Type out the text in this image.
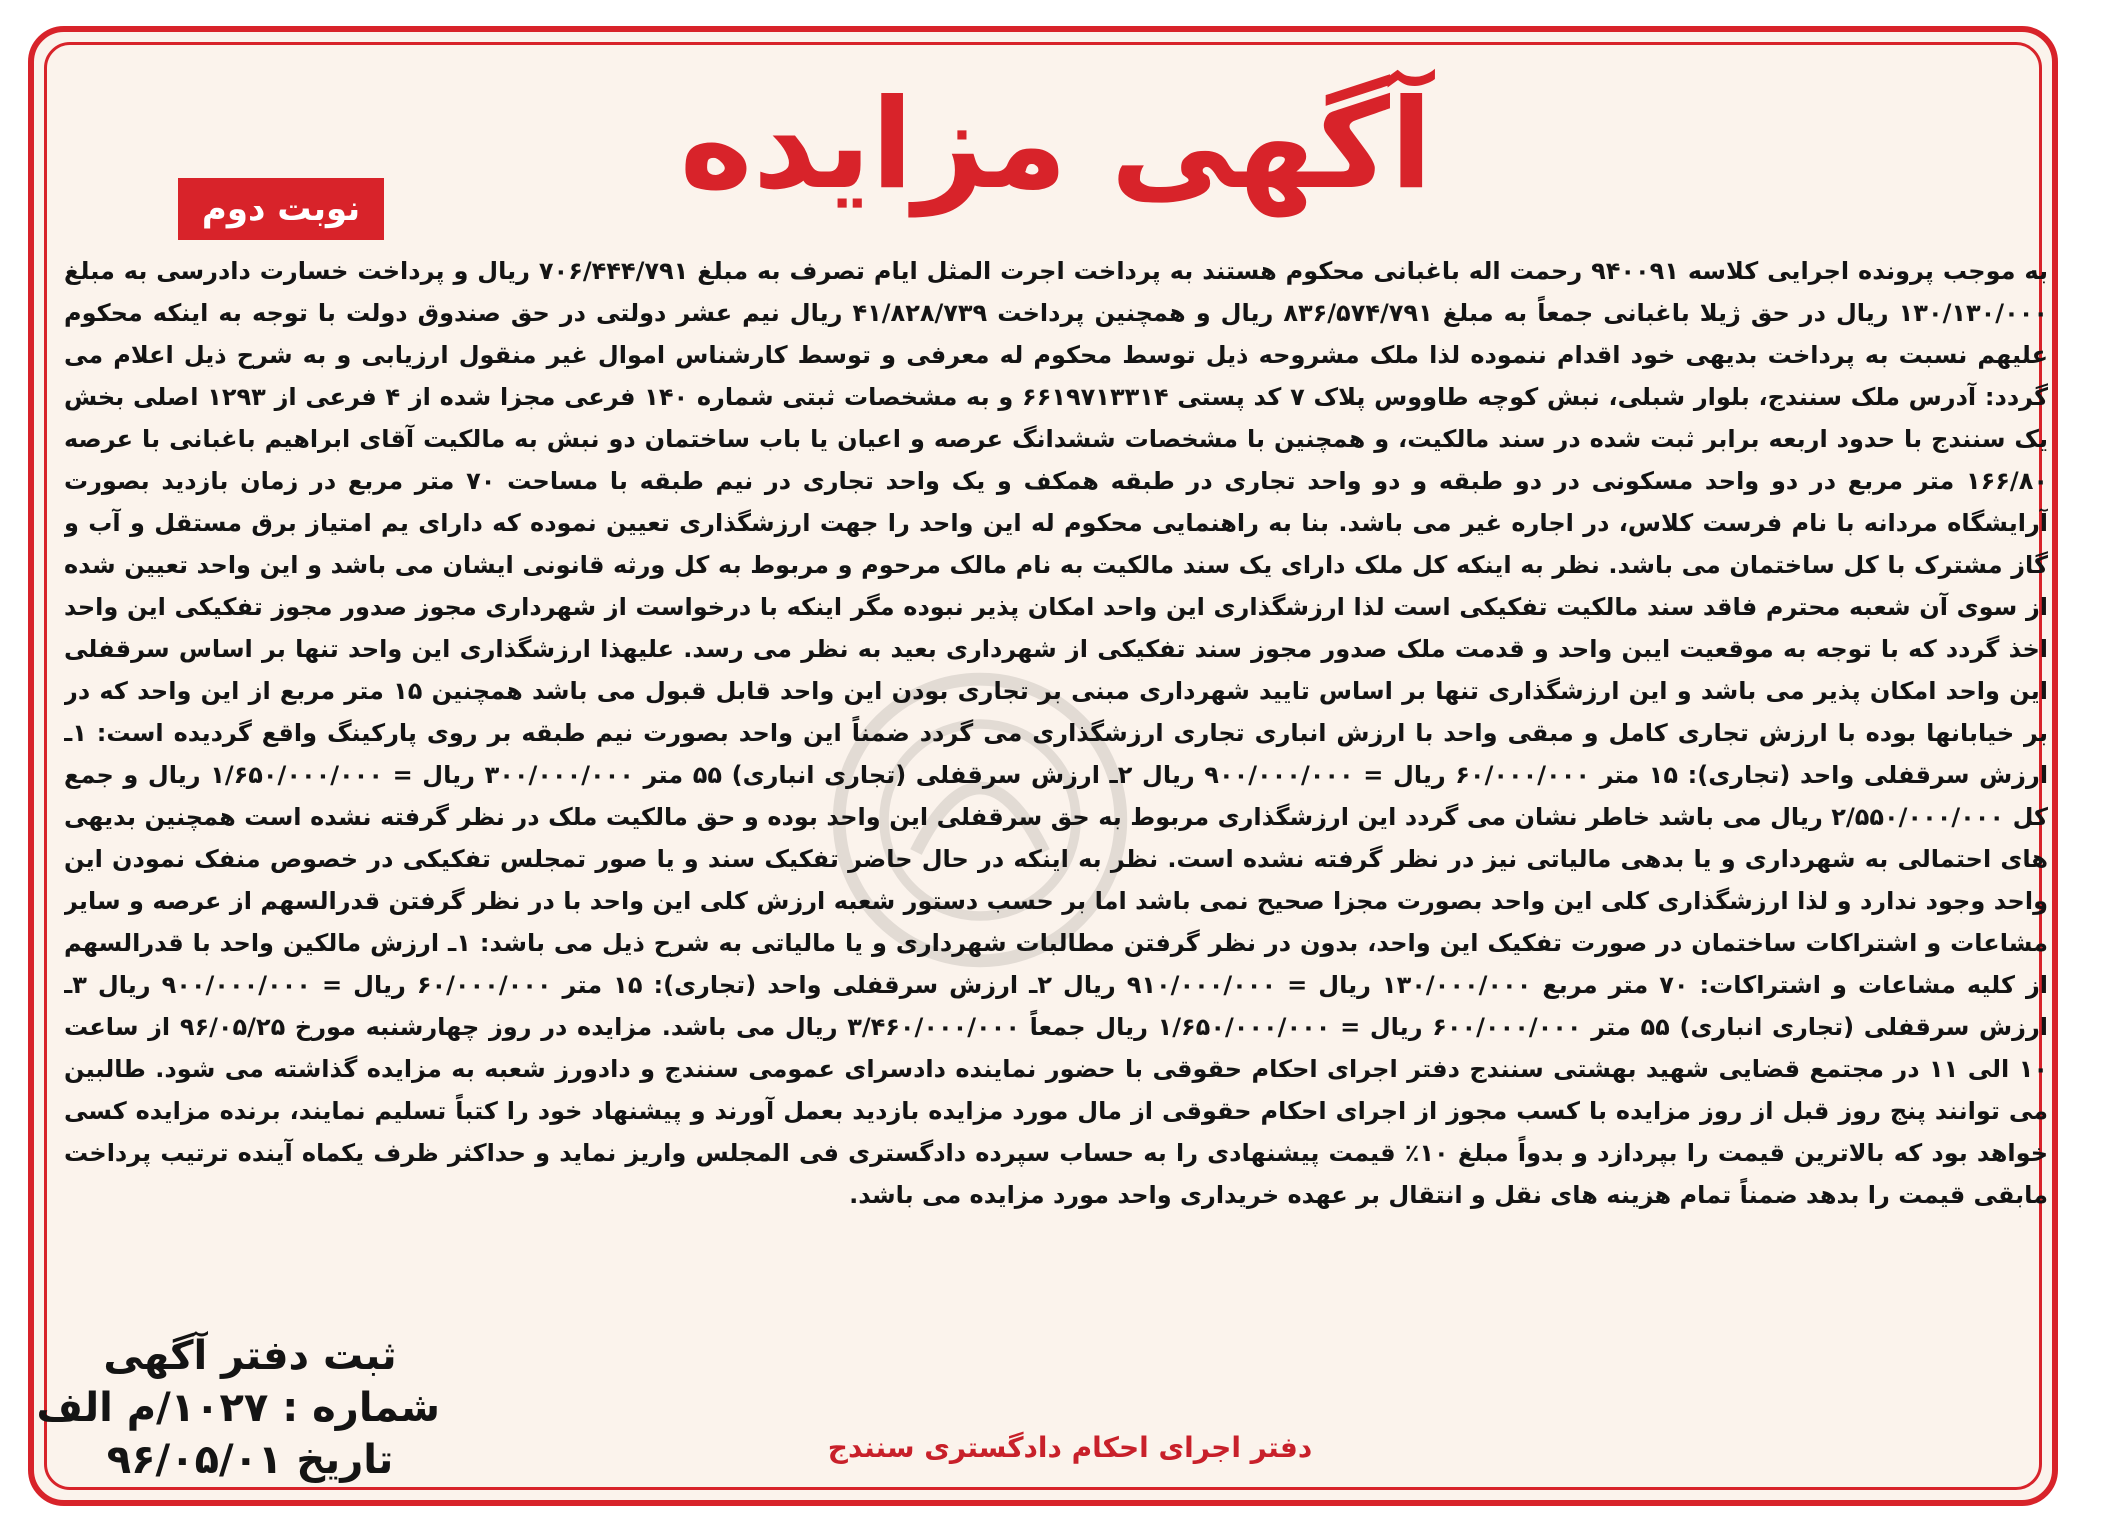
آگهی مزایده
نوبت دوم

به موجب پرونده اجرایی کلاسه ۹۴۰۰۹۱ رحمت اله باغبانی محکوم هستند به پرداخت اجرت المثل ایام تصرف به مبلغ ۷۰۶/۴۴۴/۷۹۱ ریال و پرداخت خسارت دادرسی به مبلغ ۱۳۰/۱۳۰/۰۰۰ ریال در حق ژیلا باغبانی جمعاً به مبلغ ۸۳۶/۵۷۴/۷۹۱ ریال و همچنین پرداخت ۴۱/۸۲۸/۷۳۹ ریال نیم عشر دولتی در حق صندوق دولت با توجه به اینکه محکوم علیهم نسبت به پرداخت بدیهی خود اقدام ننموده لذا ملک مشروحه ذیل توسط محکوم له معرفی و توسط کارشناس اموال غیر منقول ارزیابی و به شرح ذیل اعلام می گردد: آدرس ملک سنندج، بلوار شبلی، نبش کوچه طاووس پلاک ۷ کد پستی ۶۶۱۹۷۱۳۳۱۴ و به مشخصات ثبتی شماره ۱۴۰ فرعی مجزا شده از ۴ فرعی از ۱۲۹۳ اصلی بخش یک سنندج با حدود اربعه برابر ثبت شده در سند مالکیت، و همچنین با مشخصات ششدانگ عرصه و اعیان یا باب ساختمان دو نبش به مالکیت آقای ابراهیم باغبانی با عرصه ۱۶۶/۸۰ متر مربع در دو واحد مسکونی در دو طبقه و دو واحد تجاری در طبقه همکف و یک واحد تجاری در نیم طبقه با مساحت ۷۰ متر مربع در زمان بازدید بصورت آرایشگاه مردانه با نام فرست کلاس، در اجاره غیر می باشد. بنا به راهنمایی محکوم له این واحد را جهت ارزشگذاری تعیین نموده که دارای یم امتیاز برق مستقل و آب و گاز مشترک با کل ساختمان می باشد. نظر به اینکه کل ملک دارای یک سند مالکیت به نام مالک مرحوم و مربوط به کل ورثه قانونی ایشان می باشد و این واحد تعیین شده از سوی آن شعبه محترم فاقد سند مالکیت تفکیکی است لذا ارزشگذاری این واحد امکان پذیر نبوده مگر اینکه با درخواست از شهرداری مجوز صدور مجوز تفکیکی این واحد اخذ گردد که با توجه به موقعیت ایبن واحد و قدمت ملک صدور مجوز سند تفکیکی از شهرداری بعید به نظر می رسد. علیهذا ارزشگذاری این واحد تنها بر اساس سرقفلی این واحد امکان پذیر می باشد و این ارزشگذاری تنها بر اساس تایید شهرداری مبنی بر تجاری بودن این واحد قابل قبول می باشد همچنین ۱۵ متر مربع از این واحد که در بر خیابانها بوده با ارزش تجاری کامل و مبقی واحد با ارزش انباری تجاری ارزشگذاری می گردد ضمناً این واحد بصورت نیم طبقه بر روی پارکینگ واقع گردیده است: ۱ـ ارزش سرقفلی واحد (تجاری): ۱۵ متر ۶۰/۰۰۰/۰۰۰ ریال = ۹۰۰/۰۰۰/۰۰۰ ریال ۲ـ ارزش سرقفلی (تجاری انباری) ۵۵ متر ۳۰۰/۰۰۰/۰۰۰ ریال = ۱/۶۵۰/۰۰۰/۰۰۰ ریال و جمع کل ۲/۵۵۰/۰۰۰/۰۰۰ ریال می باشد خاطر نشان می گردد این ارزشگذاری مربوط به حق سرقفلی این واحد بوده و حق مالکیت ملک در نظر گرفته نشده است همچنین بدیهی های احتمالی به شهرداری و یا بدهی مالیاتی نیز در نظر گرفته نشده است. نظر به اینکه در حال حاضر تفکیک سند و یا صور تمجلس تفکیکی در خصوص منفک نمودن این واحد وجود ندارد و لذا ارزشگذاری کلی این واحد بصورت مجزا صحیح نمی باشد اما بر حسب دستور شعبه ارزش کلی این واحد با در نظر گرفتن قدرالسهم از عرصه و سایر مشاعات و اشتراکات ساختمان در صورت تفکیک این واحد، بدون در نظر گرفتن مطالبات شهرداری و یا مالیاتی به شرح ذیل می باشد: ۱ـ ارزش مالکین واحد با قدرالسهم از کلیه مشاعات و اشتراکات: ۷۰ متر مربع ۱۳۰/۰۰۰/۰۰۰ ریال = ۹۱۰/۰۰۰/۰۰۰ ریال ۲ـ ارزش سرقفلی واحد (تجاری): ۱۵ متر ۶۰/۰۰۰/۰۰۰ ریال = ۹۰۰/۰۰۰/۰۰۰ ریال ۳ـ ارزش سرقفلی (تجاری انباری) ۵۵ متر ۶۰۰/۰۰۰/۰۰۰ ریال = ۱/۶۵۰/۰۰۰/۰۰۰ ریال جمعاً ۳/۴۶۰/۰۰۰/۰۰۰ ریال می باشد. مزایده در روز چهارشنبه مورخ ۹۶/۰۵/۲۵ از ساعت ۱۰ الی ۱۱ در مجتمع قضایی شهید بهشتی سنندج دفتر اجرای احکام حقوقی با حضور نماینده دادسرای عمومی سنندج و دادورز شعبه به مزایده گذاشته می شود. طالبین می توانند پنج روز قبل از روز مزایده با کسب مجوز از اجرای احکام حقوقی از مال مورد مزایده بازدید بعمل آورند و پیشنهاد خود را کتباً تسلیم نمایند، برنده مزایده کسی خواهد بود که بالاترین قیمت را بپردازد و بدواً مبلغ ۱۰٪ قیمت پیشنهادی را به حساب سپرده دادگستری فی المجلس واریز نماید و حداکثر ظرف یکماه آینده ترتیب پرداخت مابقی قیمت را بدهد ضمناً تمام هزینه های نقل و انتقال بر عهده خریداری واحد مورد مزایده می باشد.

ثبت دفتر آگهی
شماره : ۱۰۲۷/م الف
تاریخ ۹۶/۰۵/۰۱	دفتر اجرای احکام دادگستری سنندج
